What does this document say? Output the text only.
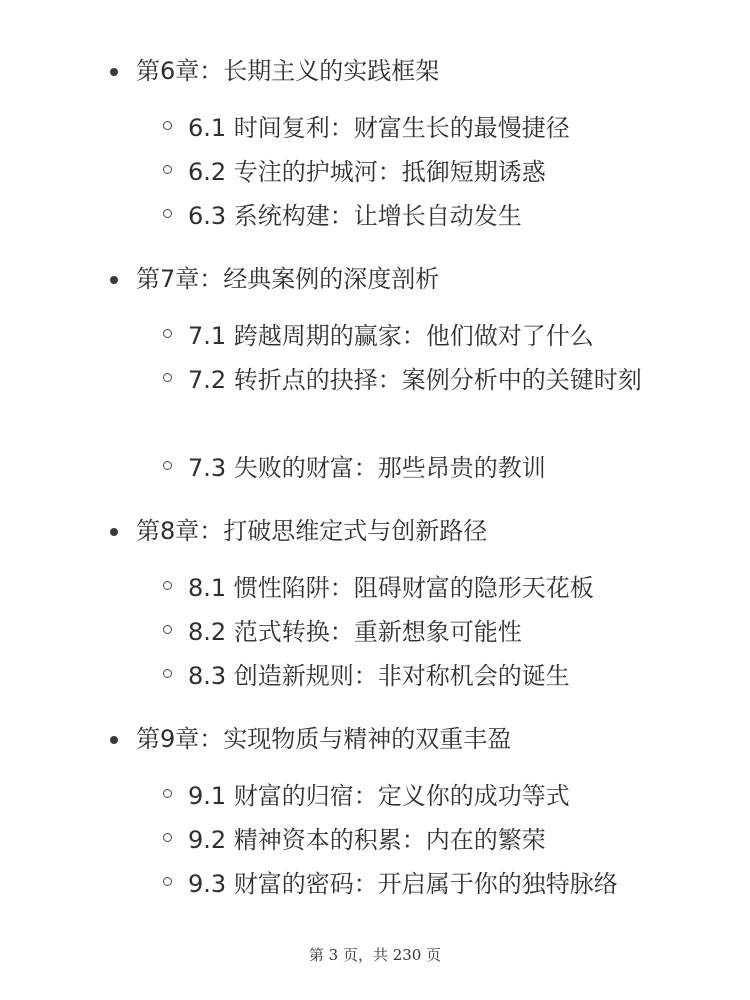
第6章：长期主义的实践框架
6.1 时间复利：财富生长的最慢捷径
6.2 专注的护城河：抵御短期诱惑
6.3 系统构建：让增长自动发生
第7章：经典案例的深度剖析
7.1 跨越周期的赢家：他们做对了什么
7.2 转折点的抉择：案例分析中的关键时刻
7.3 失败的财富：那些昂贵的教训
第8章：打破思维定式与创新路径
8.1 惯性陷阱：阻碍财富的隐形天花板
8.2 范式转换：重新想象可能性
8.3 创造新规则：非对称机会的诞生
第9章：实现物质与精神的双重丰盈
9.1 财富的归宿：定义你的成功等式
9.2 精神资本的积累：内在的繁荣
9.3 财富的密码：开启属于你的独特脉络
第 3 页，共 230 页
